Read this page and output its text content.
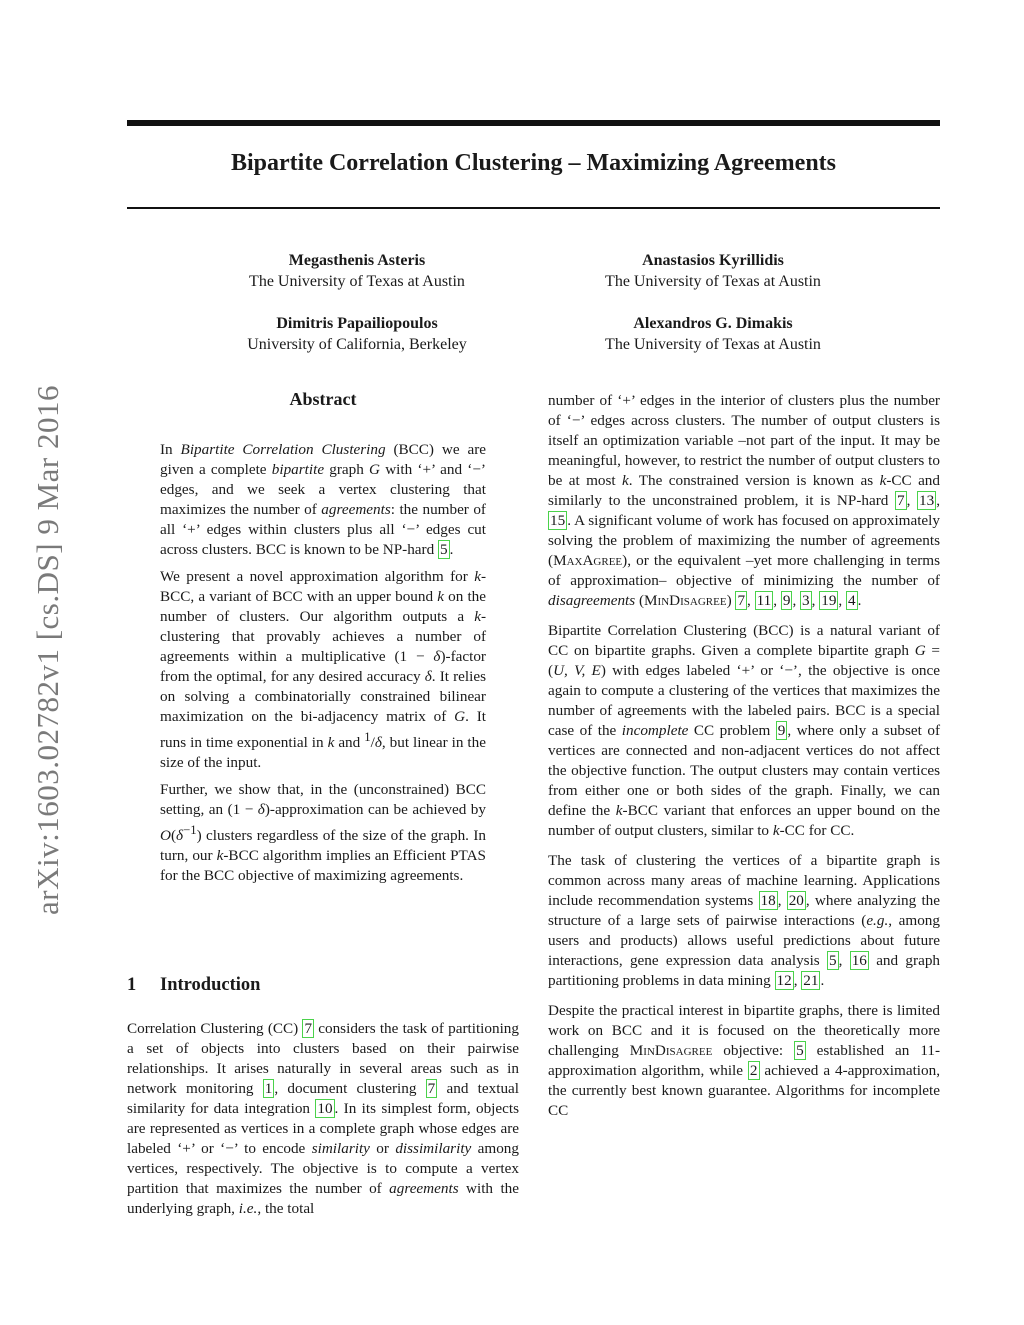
Bipartite Correlation Clustering – Maximizing Agreements
Megasthenis Asteris
The University of Texas at Austin
Anastasios Kyrillidis
The University of Texas at Austin
Dimitris Papailiopoulos
University of California, Berkeley
Alexandros G. Dimakis
The University of Texas at Austin
arXiv:1603.02782v1 [cs.DS] 9 Mar 2016	Abstract

In Bipartite Correlation Clustering (BCC) we are given a complete bipartite graph G with ‘+’ and ‘−’ edges, and we seek a vertex clustering that maximizes the number of agreements: the number of all ‘+’ edges within clusters plus all ‘−’ edges cut across clusters. BCC is known to be NP-hard 5 .

We present a novel approximation algorithm for k-BCC, a variant of BCC with an upper bound k on the number of clusters. Our algorithm outputs a k-clustering that provably achieves a number of agreements within a multiplicative (1 − δ)-factor from the optimal, for any desired accuracy δ. It relies on solving a combinatorially constrained bilinear maximization on the bi-adjacency matrix of G. It runs in time exponential in k and $^1$/δ, but linear in the size of the input.

Further, we show that, in the (unconstrained) BCC setting, an (1 − δ)-approximation can be achieved by $O(\delta^{-1})$ clusters regardless of the size of the graph. In turn, our k-BCC algorithm implies an Efficient PTAS for the BCC objective of maximizing agreements.

1 Introduction

Correlation Clustering (CC) 7 considers the task of partitioning a set of objects into clusters based on their pairwise relationships. It arises naturally in several areas such as in network monitoring 1 , document clustering 7 and textual similarity for data integration 10 . In its simplest form, objects are represented as vertices in a complete graph whose edges are labeled ‘+’ or ‘−’ to encode similarity or dissimilarity among vertices, respectively. The objective is to compute a vertex partition that maximizes the number of agreements with the underlying graph, i.e., the total

number of ‘+’ edges in the interior of clusters plus the number of ‘−’ edges across clusters. The number of output clusters is itself an optimization variable –not part of the input. It may be meaningful, however, to restrict the number of output clusters to be at most k. The constrained version is known as k-CC and similarly to the unconstrained problem, it is NP-hard 7 , 13 , 15 . A significant volume of work has focused on approximately solving the problem of maximizing the number of agreements (MaxAgree), or the equivalent –yet more challenging in terms of approximation– objective of minimizing the number of disagreements (MinDisagree) 7 , 11 , 9 , 3 , 19 , 4 .

Bipartite Correlation Clustering (BCC) is a natural variant of CC on bipartite graphs. Given a complete bipartite graph G = (U, V, E) with edges labeled ‘+’ or ‘−’, the objective is once again to compute a clustering of the vertices that maximizes the number of agreements with the labeled pairs. BCC is a special case of the incomplete CC problem 9 , where only a subset of vertices are connected and non-adjacent vertices do not affect the objective function. The output clusters may contain vertices from either one or both sides of the graph. Finally, we can define the k-BCC variant that enforces an upper bound on the number of output clusters, similar to k-CC for CC.

The task of clustering the vertices of a bipartite graph is common across many areas of machine learning. Applications include recommendation systems 18 , 20 , where analyzing the structure of a large sets of pairwise interactions (e.g., among users and products) allows useful predictions about future interactions, gene expression data analysis 5 , 16 and graph partitioning problems in data mining 12 , 21 .

Despite the practical interest in bipartite graphs, there is limited work on BCC and it is focused on the theoretically more challenging MinDisagree objective: 5 established an 11-approximation algorithm, while 2 achieved a 4-approximation, the currently best known guarantee. Algorithms for incomplete CC
